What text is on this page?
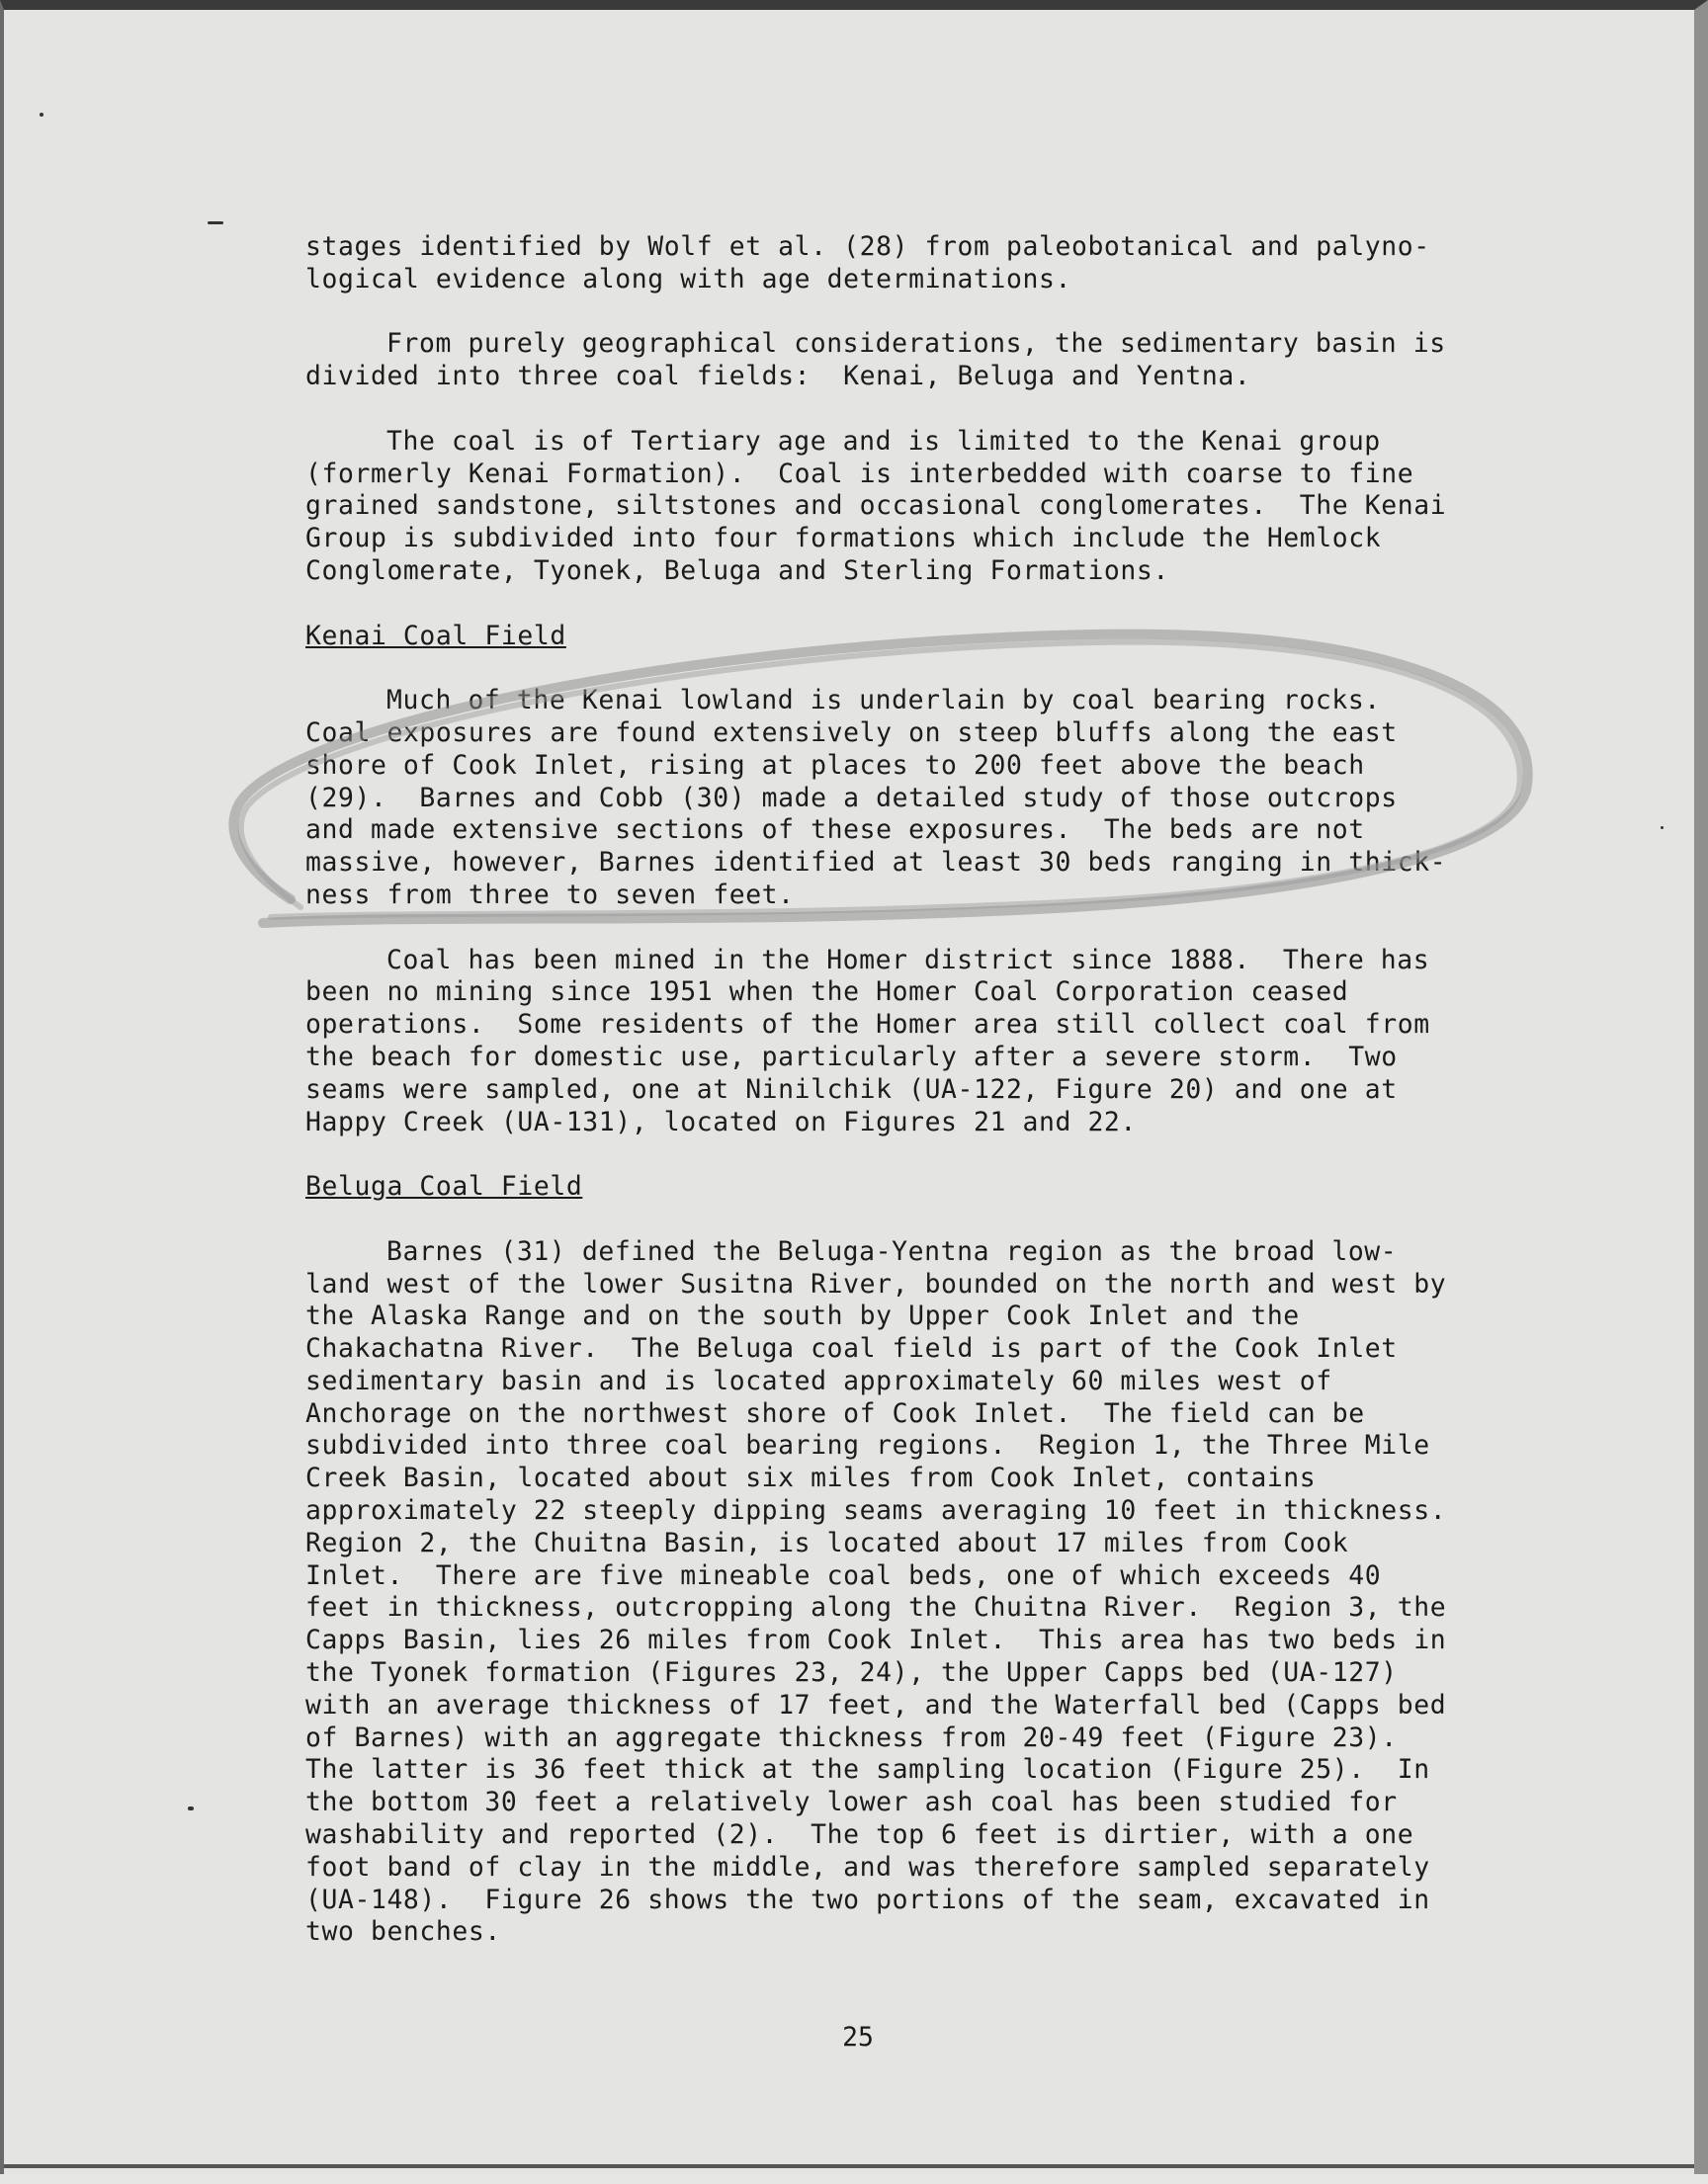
stages identified by Wolf et al. (28) from paleobotanical and palyno-
logical evidence along with age determinations.
From purely geographical considerations, the sedimentary basin is
divided into three coal fields:  Kenai, Beluga and Yentna.
The coal is of Tertiary age and is limited to the Kenai group
(formerly Kenai Formation).  Coal is interbedded with coarse to fine
grained sandstone, siltstones and occasional conglomerates.  The Kenai
Group is subdivided into four formations which include the Hemlock
Conglomerate, Tyonek, Beluga and Sterling Formations.
Kenai Coal Field
Much of the Kenai lowland is underlain by coal bearing rocks.
Coal exposures are found extensively on steep bluffs along the east
shore of Cook Inlet, rising at places to 200 feet above the beach
(29).  Barnes and Cobb (30) made a detailed study of those outcrops
and made extensive sections of these exposures.  The beds are not
massive, however, Barnes identified at least 30 beds ranging in thick-
ness from three to seven feet.
Coal has been mined in the Homer district since 1888.  There has
been no mining since 1951 when the Homer Coal Corporation ceased
operations.  Some residents of the Homer area still collect coal from
the beach for domestic use, particularly after a severe storm.  Two
seams were sampled, one at Ninilchik (UA-122, Figure 20) and one at
Happy Creek (UA-131), located on Figures 21 and 22.
Beluga Coal Field
Barnes (31) defined the Beluga-Yentna region as the broad low-
land west of the lower Susitna River, bounded on the north and west by
the Alaska Range and on the south by Upper Cook Inlet and the
Chakachatna River.  The Beluga coal field is part of the Cook Inlet
sedimentary basin and is located approximately 60 miles west of
Anchorage on the northwest shore of Cook Inlet.  The field can be
subdivided into three coal bearing regions.  Region 1, the Three Mile
Creek Basin, located about six miles from Cook Inlet, contains
approximately 22 steeply dipping seams averaging 10 feet in thickness.
Region 2, the Chuitna Basin, is located about 17 miles from Cook
Inlet.  There are five mineable coal beds, one of which exceeds 40
feet in thickness, outcropping along the Chuitna River.  Region 3, the
Capps Basin, lies 26 miles from Cook Inlet.  This area has two beds in
the Tyonek formation (Figures 23, 24), the Upper Capps bed (UA-127)
with an average thickness of 17 feet, and the Waterfall bed (Capps bed
of Barnes) with an aggregate thickness from 20-49 feet (Figure 23).
The latter is 36 feet thick at the sampling location (Figure 25).  In
the bottom 30 feet a relatively lower ash coal has been studied for
washability and reported (2).  The top 6 feet is dirtier, with a one
foot band of clay in the middle, and was therefore sampled separately
(UA-148).  Figure 26 shows the two portions of the seam, excavated in
two benches.
25
